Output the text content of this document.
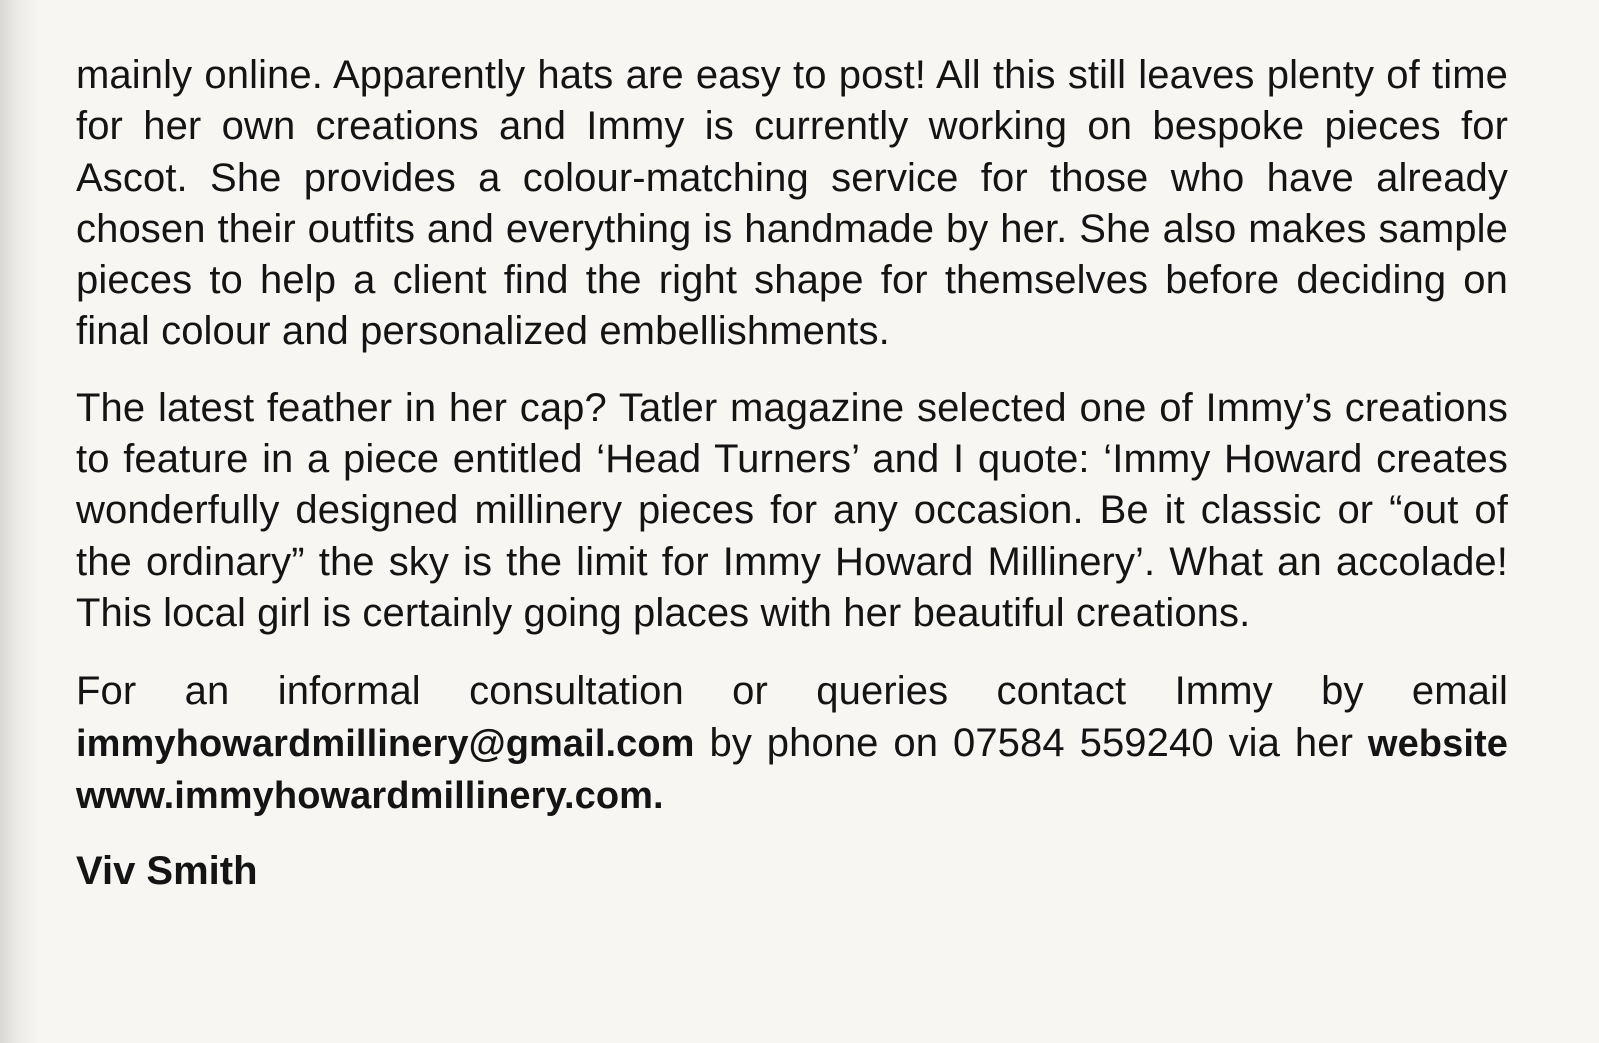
mainly online. Apparently hats are easy to post! All this still leaves plenty of time for her own creations and Immy is currently working on bespoke pieces for Ascot. She provides a colour-matching service for those who have already chosen their outfits and everything is handmade by her. She also makes sample pieces to help a client find the right shape for themselves before deciding on final colour and personalized embellishments.

The latest feather in her cap? Tatler magazine selected one of Immy’s creations to feature in a piece entitled ‘Head Turners’ and I quote: ‘Immy Howard creates wonderfully designed millinery pieces for any occasion. Be it classic or “out of the ordinary” the sky is the limit for Immy Howard Millinery’. What an accolade! This local girl is certainly going places with her beautiful creations.

For an informal consultation or queries contact Immy by email immyhowardmillinery@gmail.com by phone on 07584 559240 via her website www.immyhowardmillinery.com.

Viv Smith
